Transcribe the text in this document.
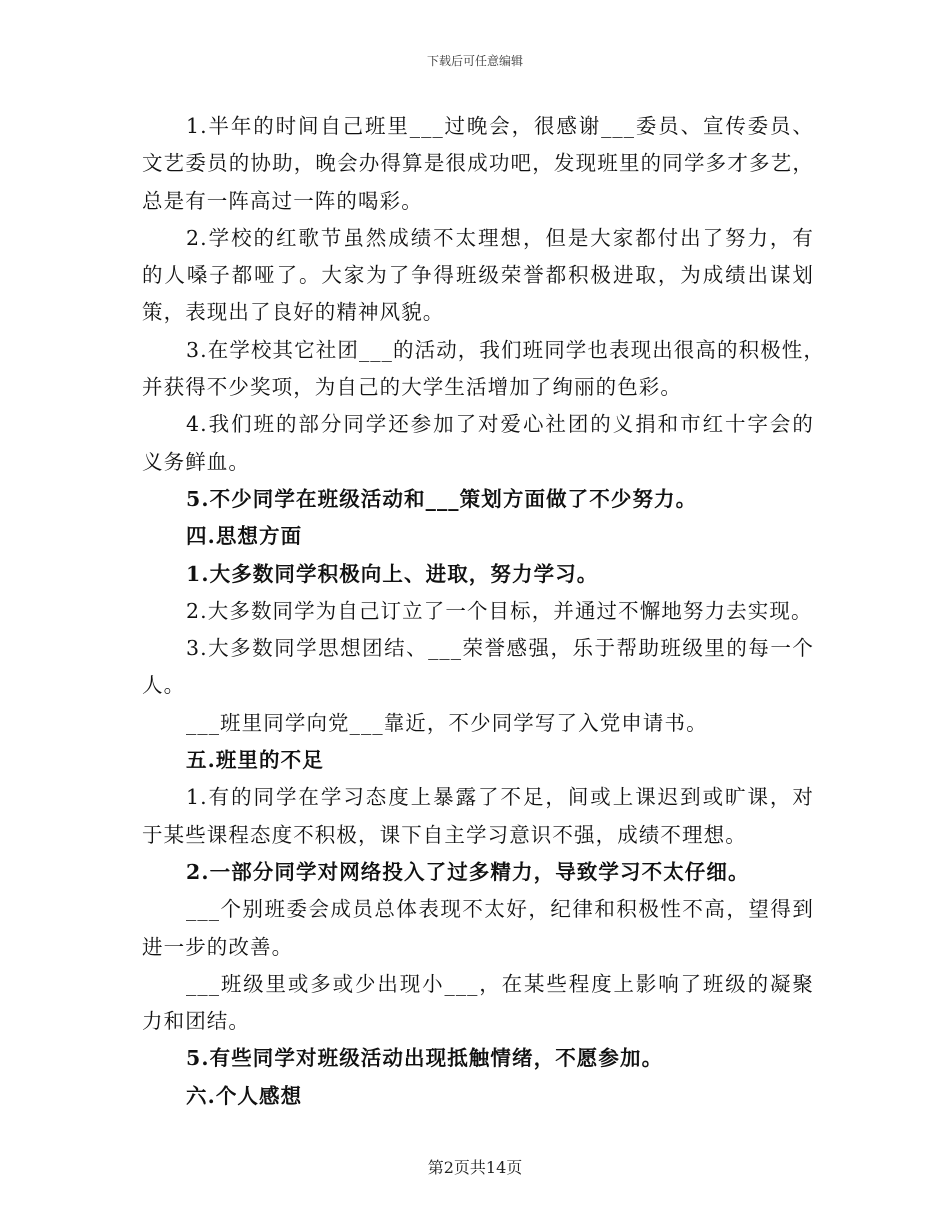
下载后可任意编辑
1.半年的时间自己班里___过晚会，很感谢___委员、宣传委员、
文艺委员的协助，晚会办得算是很成功吧，发现班里的同学多才多艺，
总是有一阵高过一阵的喝彩。
2.学校的红歌节虽然成绩不太理想，但是大家都付出了努力，有
的人嗓子都哑了。大家为了争得班级荣誉都积极进取，为成绩出谋划
策，表现出了良好的精神风貌。
3.在学校其它社团___的活动，我们班同学也表现出很高的积极性，
并获得不少奖项，为自己的大学生活增加了绚丽的色彩。
4.我们班的部分同学还参加了对爱心社团的义捐和市红十字会的
义务鲜血。
5.不少同学在班级活动和___策划方面做了不少努力。
四.思想方面
1.大多数同学积极向上、进取，努力学习。
2.大多数同学为自己订立了一个目标，并通过不懈地努力去实现。
3.大多数同学思想团结、___荣誉感强，乐于帮助班级里的每一个
人。
___班里同学向党___靠近，不少同学写了入党申请书。
五.班里的不足
1.有的同学在学习态度上暴露了不足，间或上课迟到或旷课，对
于某些课程态度不积极，课下自主学习意识不强，成绩不理想。
2.一部分同学对网络投入了过多精力，导致学习不太仔细。
___个别班委会成员总体表现不太好，纪律和积极性不高，望得到
进一步的改善。
___班级里或多或少出现小___，在某些程度上影响了班级的凝聚
力和团结。
5.有些同学对班级活动出现抵触情绪，不愿参加。
六.个人感想
第2页共14页
